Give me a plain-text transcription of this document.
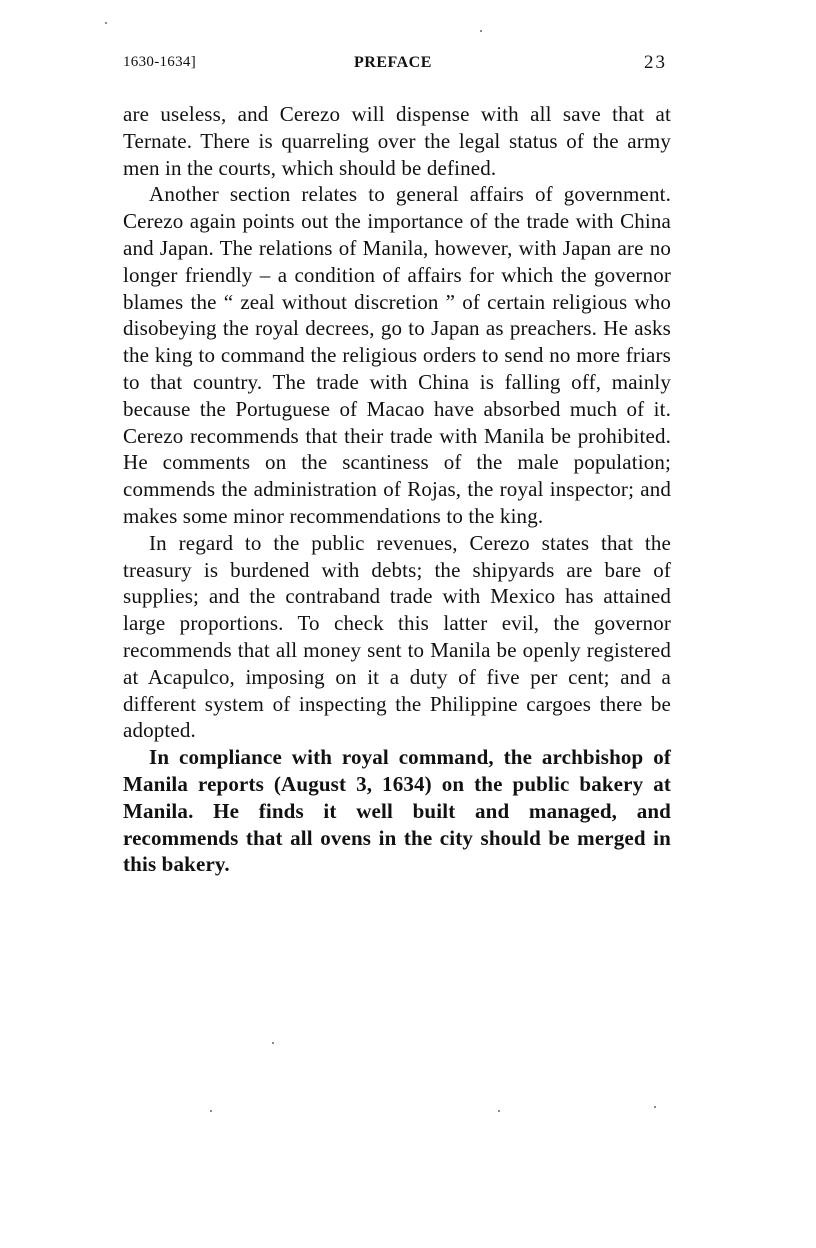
1630-1634]	PREFACE	23

are useless, and Cerezo will dispense with all save that at Ternate. There is quarreling over the legal status of the army men in the courts, which should be defined.

Another section relates to general affairs of government. Cerezo again points out the importance of the trade with China and Japan. The relations of Manila, however, with Japan are no longer friendly – a condition of affairs for which the governor blames the “ zeal without discretion ” of certain religious who disobeying the royal decrees, go to Japan as preachers. He asks the king to command the religious orders to send no more friars to that country. The trade with China is falling off, mainly because the Portuguese of Macao have absorbed much of it. Cerezo recommends that their trade with Manila be prohibited. He comments on the scantiness of the male population; commends the administration of Rojas, the royal inspector; and makes some minor recommendations to the king.

In regard to the public revenues, Cerezo states that the treasury is burdened with debts; the shipyards are bare of supplies; and the contraband trade with Mexico has attained large proportions. To check this latter evil, the governor recommends that all money sent to Manila be openly registered at Acapulco, imposing on it a duty of five per cent; and a different system of inspecting the Philippine cargoes there be adopted.

In compliance with royal command, the archbishop of Manila reports (August 3, 1634) on the public bakery at Manila. He finds it well built and managed, and recommends that all ovens in the city should be merged in this bakery.
